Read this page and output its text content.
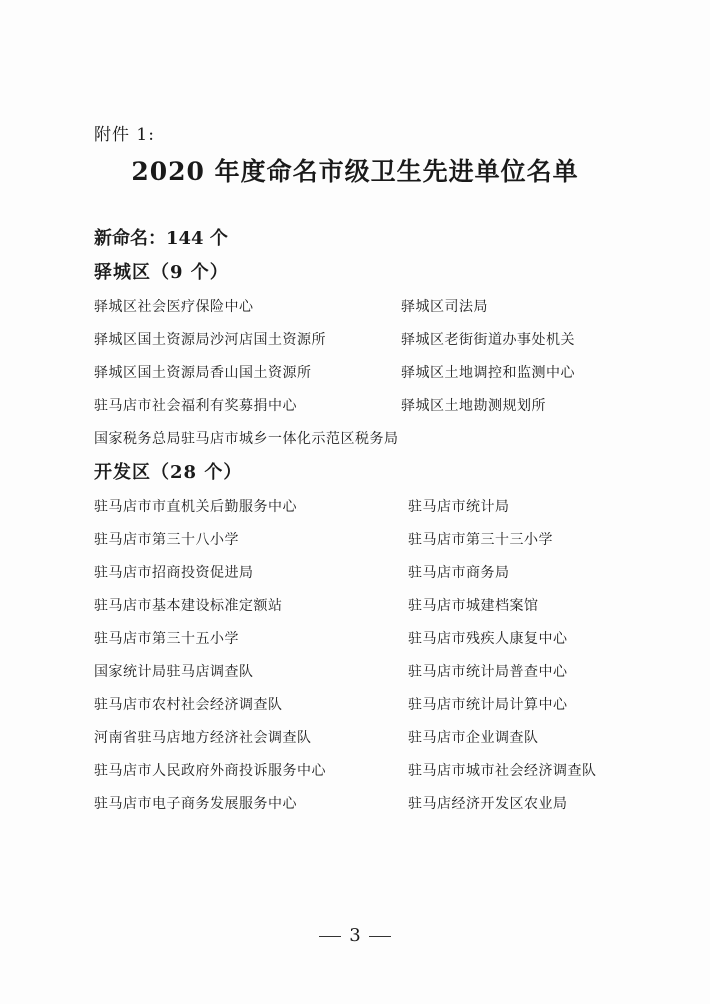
附件 1:
2020 年度命名市级卫生先进单位名单
新命名：144 个
驿城区（9 个）
驿城区社会医疗保险中心
驿城区国土资源局沙河店国土资源所
驿城区国土资源局香山国土资源所
驻马店市社会福利有奖募捐中心
国家税务总局驻马店市城乡一体化示范区税务局
驿城区司法局
驿城区老街街道办事处机关
驿城区土地调控和监测中心
驿城区土地勘测规划所
开发区（28 个）
驻马店市市直机关后勤服务中心
驻马店市第三十八小学
驻马店市招商投资促进局
驻马店市基本建设标准定额站
驻马店市第三十五小学
国家统计局驻马店调查队
驻马店市农村社会经济调查队
河南省驻马店地方经济社会调查队
驻马店市人民政府外商投诉服务中心
驻马店市电子商务发展服务中心
驻马店市统计局
驻马店市第三十三小学
驻马店市商务局
驻马店市城建档案馆
驻马店市残疾人康复中心
驻马店市统计局普查中心
驻马店市统计局计算中心
驻马店市企业调查队
驻马店市城市社会经济调查队
驻马店经济开发区农业局
3
